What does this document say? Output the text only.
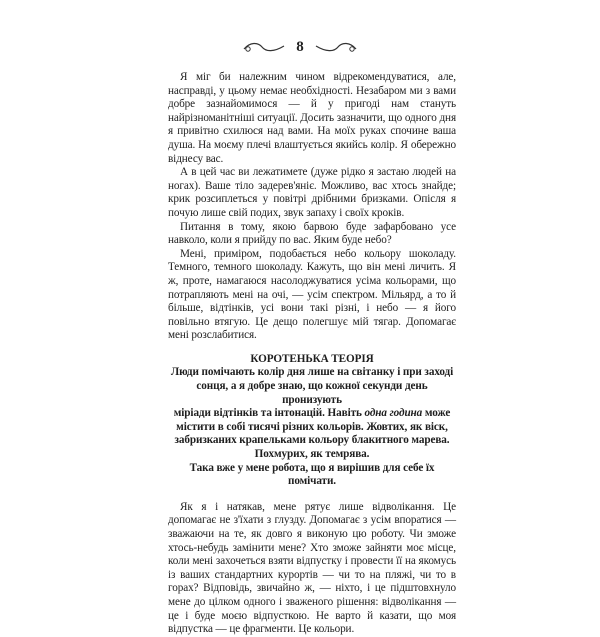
8

Я міг би належним чином відрекомендуватися, але, насправді, у цьому немає необхідності. Незабаром ми з вами добре зазнайомимося — й у пригоді нам стануть найрізноманітніші ситуації. Досить зазначити, що одного дня я привітно схилюся над вами. На моїх руках спочине ваша душа. На моєму плечі влаштується якийсь колір. Я обережно віднесу вас.

А в цей час ви лежатимете (дуже рідко я застаю людей на ногах). Ваше тіло задерев'яніє. Можливо, вас хтось знайде; крик розсиплеться у повітрі дрібними бризками. Опісля я почую лише свій подих, звук запаху і своїх кроків.

Питання в тому, якою барвою буде зафарбовано усе навколо, коли я прийду по вас. Яким буде небо?

Мені, приміром, подобається небо кольору шоколаду. Темного, темного шоколаду. Кажуть, що він мені личить. Я ж, проте, намагаюся насолоджуватися усіма кольорами, що потрапляють мені на очі, — усім спектром. Мільярд, а то й більше, відтінків, усі вони такі різні, і небо — я його повільно втягую. Це дещо полегшує мій тягар. Допомагає мені розслабитися.

КОРОТЕНЬКА ТЕОРІЯ
Люди помічають колір дня лише на світанку і при заході
сонця, а я добре знаю, що кожної секунди день пронизують
міріади відтінків та інтонацій. Навіть одна година може
містити в собі тисячі різних кольорів. Жовтих, як віск,
забризканих крапельками кольору блакитного марева.
Похмурих, як темрява.
Така вже у мене робота, що я вирішив для себе їх помічати.

Як я і натякав, мене рятує лише відволікання. Це допомагає не з'їхати з глузду. Допомагає з усім впоратися — зважаючи на те, як довго я виконую цю роботу. Чи зможе хтось-небудь замінити мене? Хто зможе зайняти моє місце, коли мені захочеться взяти відпустку і провести її на якомусь із ваших стандартних курортів — чи то на пляжі, чи то в горах? Відповідь, звичайно ж, — ніхто, і це підштовхнуло мене до цілком одного і зваженого рішення: відволікання — це і буде моєю відпусткою. Не варто й казати, що моя відпустка — це фрагменти. Це кольори.
